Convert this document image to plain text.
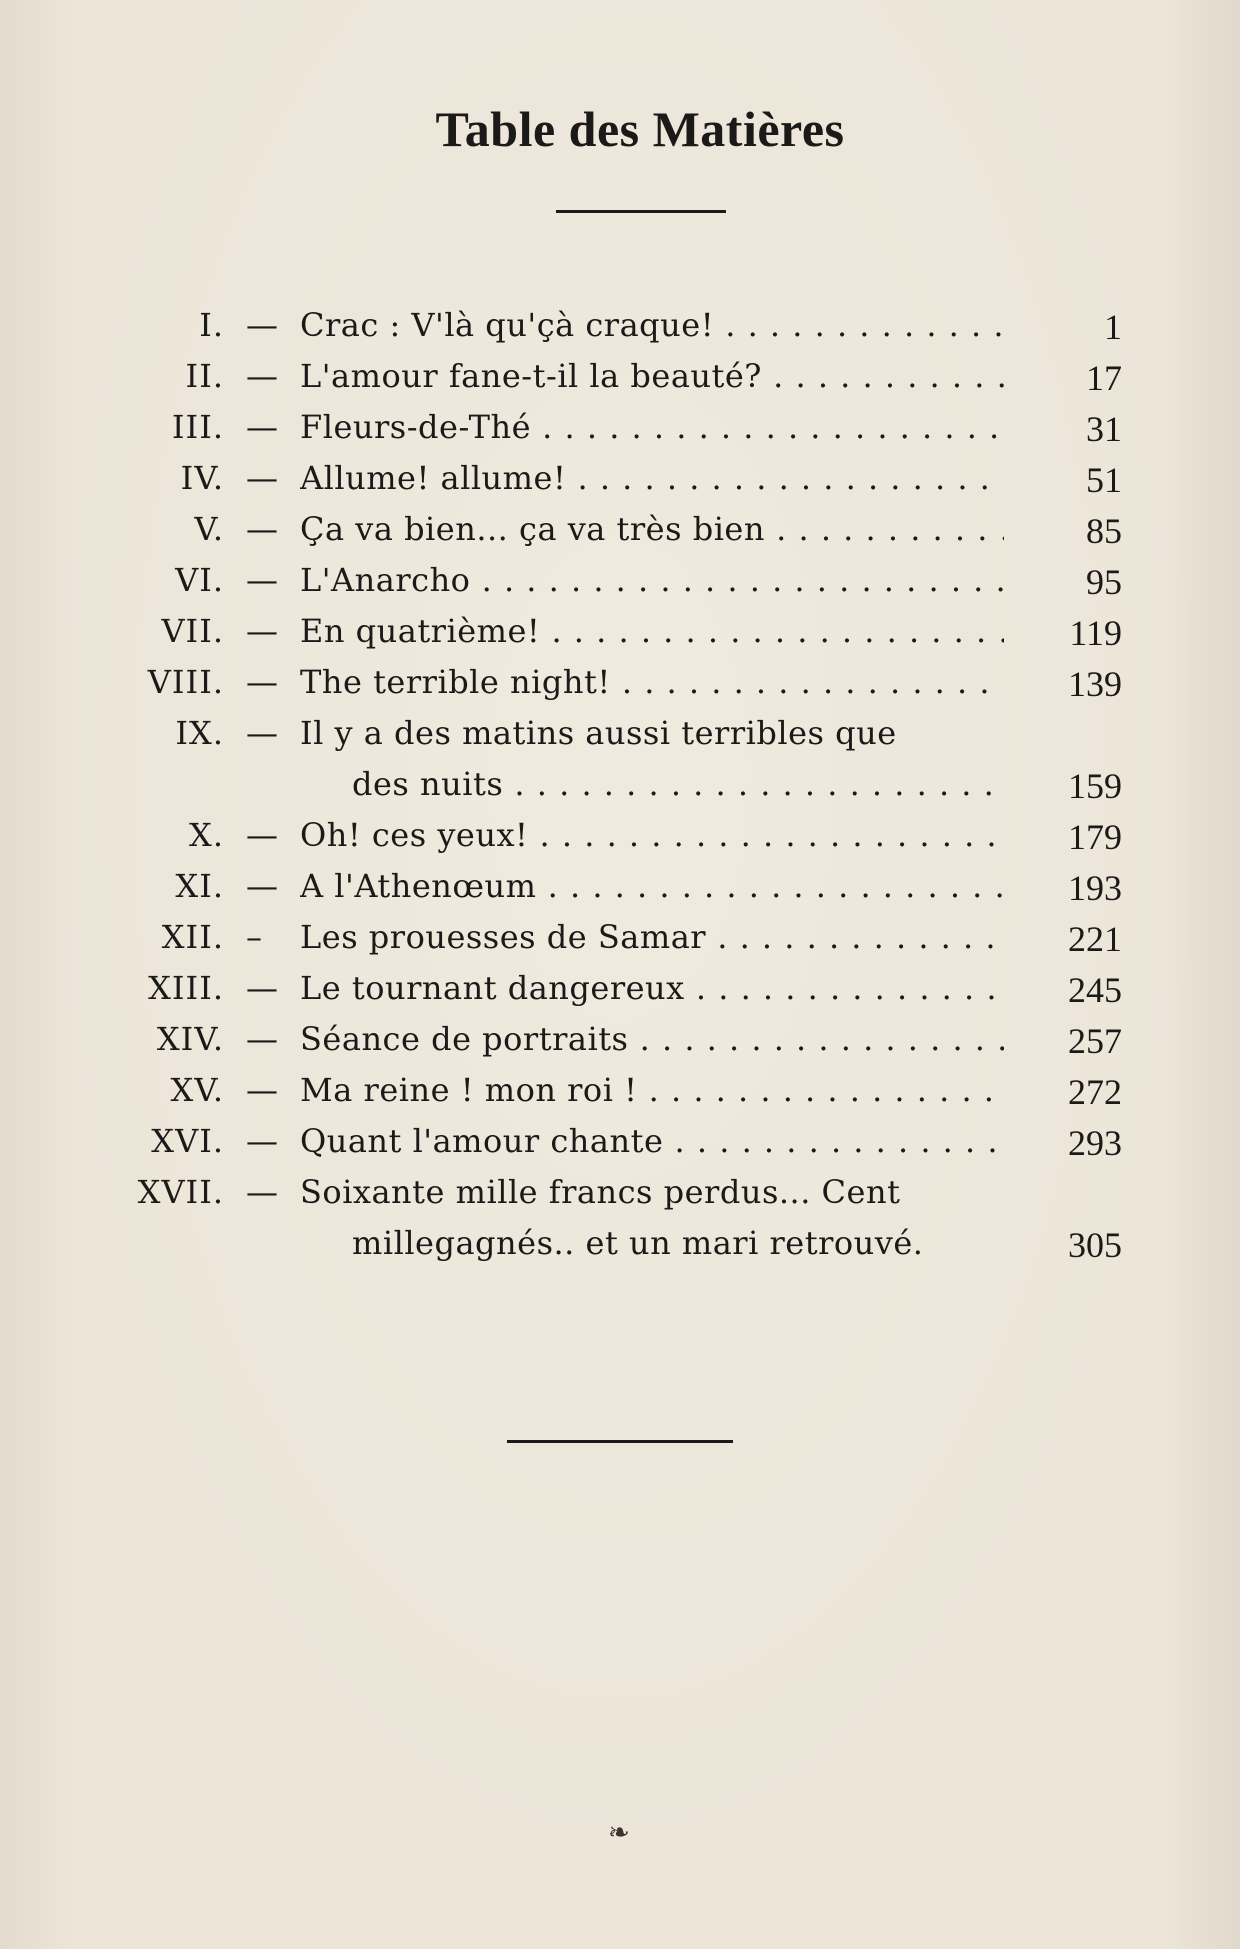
Table des Matières
I. — Crac : V'là qu'çà craque! . . .	1
II. — L'amour fane-t-il la beauté? . . .	17
III. — Fleurs-de-Thé . . .	31
IV. — Allume! allume! . . .	51
V. — Ça va bien... ça va très bien . . .	85
VI. — L'Anarcho . . .	95
VII. — En quatrième! . . .	119
VIII. — The terrible night! . . .	139
IX. — Il y a des matins aussi terribles que
des nuits . . .	159
X. — Oh! ces yeux! . . .	179
XI. — A l'Athenœum . . .	193
XII. – Les prouesses de Samar . . .	221
XIII. — Le tournant dangereux . . .	245
XIV. — Séance de portraits . . .	257
XV. — Ma reine ! mon roi ! . . .	272
XVI. — Quant l'amour chante . . .	293
XVII. — Soixante mille francs perdus... Cent
millegagnés.. et un mari retrouvé.	305
❧
